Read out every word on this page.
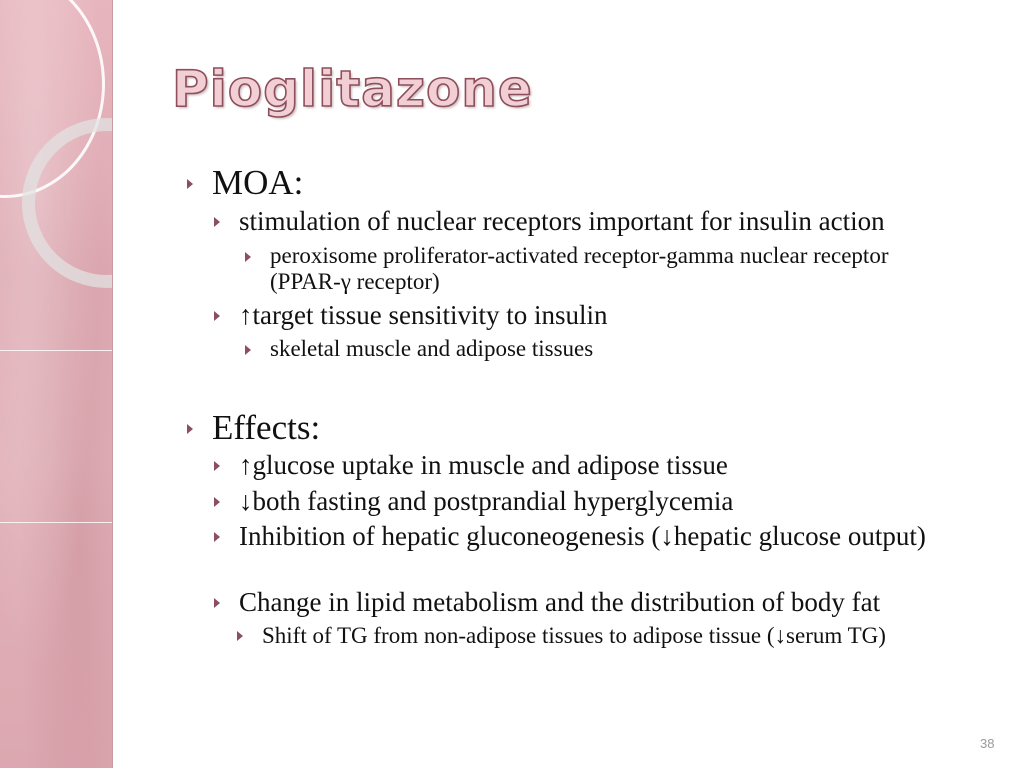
Pioglitazone
MOA:
stimulation of nuclear receptors important for insulin action
peroxisome proliferator-activated receptor-gamma nuclear receptor (PPAR-γ receptor)
↑target tissue sensitivity to insulin
skeletal muscle and adipose tissues
Effects:
↑glucose uptake in muscle and adipose tissue
↓both fasting and postprandial hyperglycemia
Inhibition of hepatic gluconeogenesis (↓hepatic glucose output)
Change in lipid metabolism and the distribution of body fat
Shift of TG from non-adipose tissues to adipose tissue (↓serum TG)
38
